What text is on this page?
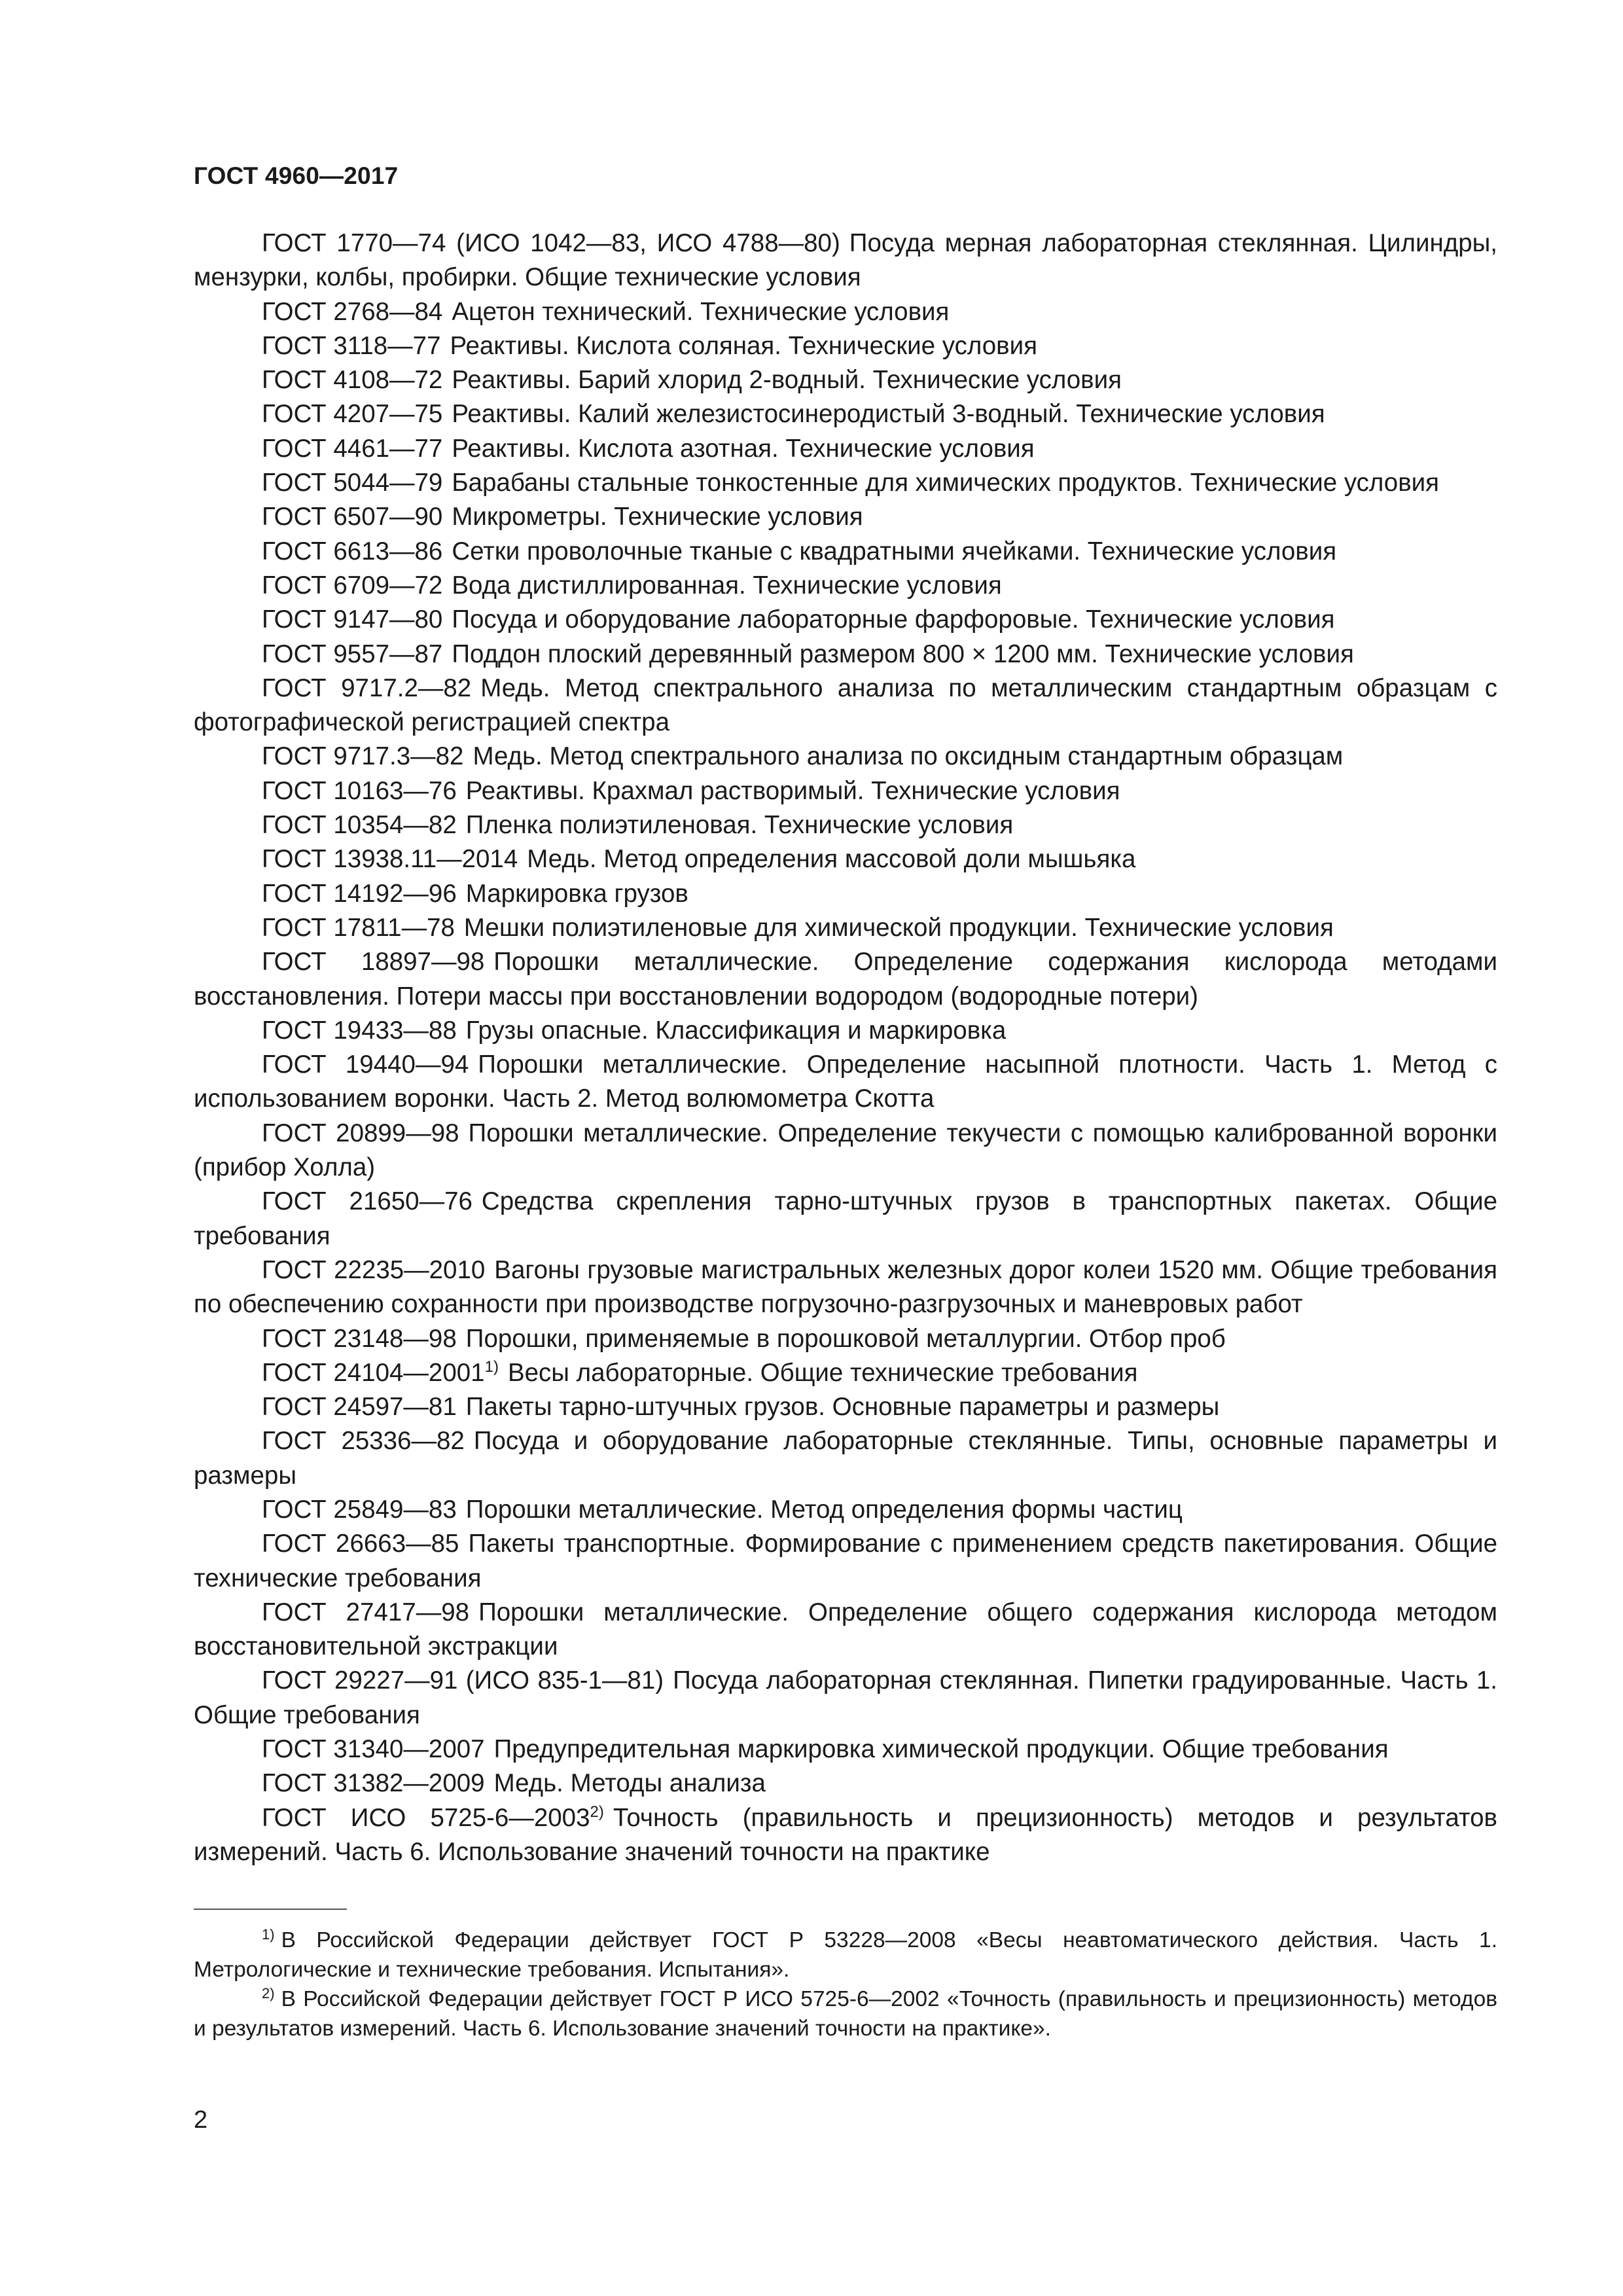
ГОСТ 4960—2017

ГОСТ 1770—74 (ИСО 1042—83, ИСО 4788—80) Посуда мерная лабораторная стеклянная. Цилиндры, мензурки, колбы, пробирки. Общие технические условия

ГОСТ 2768—84 Ацетон технический. Технические условия

ГОСТ 3118—77 Реактивы. Кислота соляная. Технические условия

ГОСТ 4108—72 Реактивы. Барий хлорид 2-водный. Технические условия

ГОСТ 4207—75 Реактивы. Калий железистосинеродистый 3-водный. Технические условия

ГОСТ 4461—77 Реактивы. Кислота азотная. Технические условия

ГОСТ 5044—79 Барабаны стальные тонкостенные для химических продуктов. Технические условия

ГОСТ 6507—90 Микрометры. Технические условия

ГОСТ 6613—86 Сетки проволочные тканые с квадратными ячейками. Технические условия

ГОСТ 6709—72 Вода дистиллированная. Технические условия

ГОСТ 9147—80 Посуда и оборудование лабораторные фарфоровые. Технические условия

ГОСТ 9557—87 Поддон плоский деревянный размером 800 × 1200 мм. Технические условия

ГОСТ 9717.2—82 Медь. Метод спектрального анализа по металлическим стандартным образцам с фотографической регистрацией спектра

ГОСТ 9717.3—82 Медь. Метод спектрального анализа по оксидным стандартным образцам

ГОСТ 10163—76 Реактивы. Крахмал растворимый. Технические условия

ГОСТ 10354—82 Пленка полиэтиленовая. Технические условия

ГОСТ 13938.11—2014 Медь. Метод определения массовой доли мышьяка

ГОСТ 14192—96 Маркировка грузов

ГОСТ 17811—78 Мешки полиэтиленовые для химической продукции. Технические условия

ГОСТ 18897—98 Порошки металлические. Определение содержания кислорода методами восстановления. Потери массы при восстановлении водородом (водородные потери)

ГОСТ 19433—88 Грузы опасные. Классификация и маркировка

ГОСТ 19440—94 Порошки металлические. Определение насыпной плотности. Часть 1. Метод с использованием воронки. Часть 2. Метод волюмометра Скотта

ГОСТ 20899—98 Порошки металлические. Определение текучести с помощью калиброванной воронки (прибор Холла)

ГОСТ 21650—76 Средства скрепления тарно-штучных грузов в транспортных пакетах. Общие требования

ГОСТ 22235—2010 Вагоны грузовые магистральных железных дорог колеи 1520 мм. Общие требования по обеспечению сохранности при производстве погрузочно-разгрузочных и маневровых работ

ГОСТ 23148—98 Порошки, применяемые в порошковой металлургии. Отбор проб

ГОСТ 24104—2001$^{1)}$ Весы лабораторные. Общие технические требования

ГОСТ 24597—81 Пакеты тарно-штучных грузов. Основные параметры и размеры

ГОСТ 25336—82 Посуда и оборудование лабораторные стеклянные. Типы, основные параметры и размеры

ГОСТ 25849—83 Порошки металлические. Метод определения формы частиц

ГОСТ 26663—85 Пакеты транспортные. Формирование с применением средств пакетирования. Общие технические требования

ГОСТ 27417—98 Порошки металлические. Определение общего содержания кислорода методом восстановительной экстракции

ГОСТ 29227—91 (ИСО 835-1—81) Посуда лабораторная стеклянная. Пипетки градуированные. Часть 1. Общие требования

ГОСТ 31340—2007 Предупредительная маркировка химической продукции. Общие требования

ГОСТ 31382—2009 Медь. Методы анализа

ГОСТ ИСО 5725-6—2003$^{2)}$ Точность (правильность и прецизионность) методов и результатов измерений. Часть 6. Использование значений точности на практике

$^{1)}$ В Российской Федерации действует ГОСТ Р 53228—2008 «Весы неавтоматического действия. Часть 1. Метрологические и технические требования. Испытания».

$^{2)}$ В Российской Федерации действует ГОСТ Р ИСО 5725-6—2002 «Точность (правильность и прецизионность) методов и результатов измерений. Часть 6. Использование значений точности на практике».

2
